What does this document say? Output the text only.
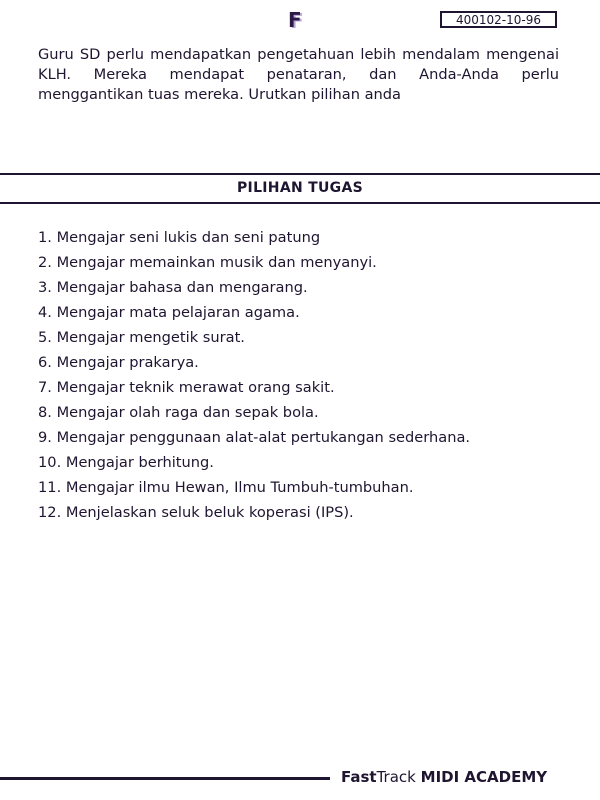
F	400102-10-96

Guru SD perlu mendapatkan pengetahuan lebih mendalam mengenai KLH. Mereka mendapat penataran, dan Anda-Anda perlu menggantikan tuas mereka. Urutkan pilihan anda

PILIHAN TUGAS
1. Mengajar seni lukis dan seni patung
2. Mengajar memainkan musik dan menyanyi.
3. Mengajar bahasa dan mengarang.
4. Mengajar mata pelajaran agama.
5. Mengajar mengetik surat.
6. Mengajar prakarya.
7. Mengajar teknik merawat orang sakit.
8. Mengajar olah raga dan sepak bola.
9. Mengajar penggunaan alat-alat pertukangan sederhana.
10. Mengajar berhitung.
11. Mengajar ilmu Hewan, Ilmu Tumbuh-tumbuhan.
12. Menjelaskan seluk beluk koperasi (IPS).
FastTrack MIDI ACADEMY
